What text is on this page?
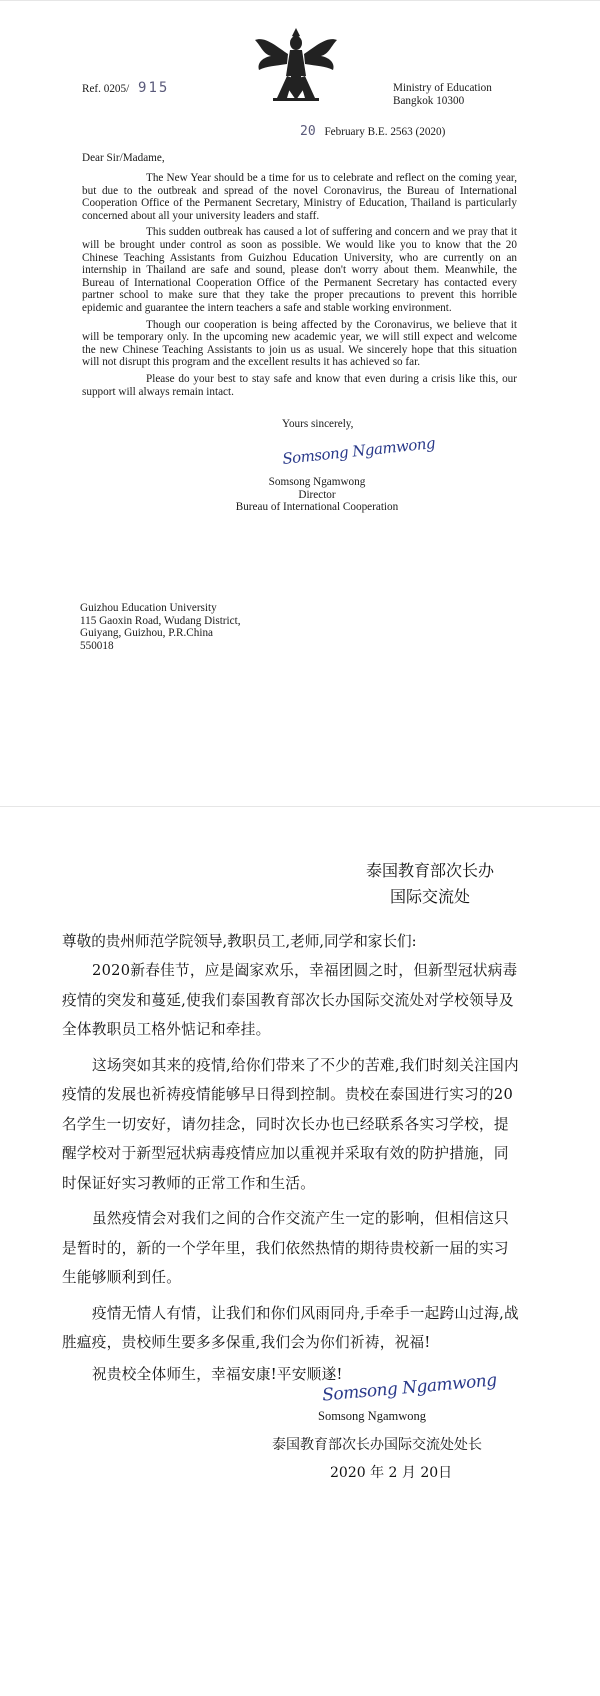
Ref. 0205/ 915	Ministry of Education
Bangkok 10300
20 February B.E. 2563 (2020)
Dear Sir/Madame,

The New Year should be a time for us to celebrate and reflect on the coming year, but due to the outbreak and spread of the novel Coronavirus, the Bureau of International Cooperation Office of the Permanent Secretary, Ministry of Education, Thailand is particularly concerned about all your university leaders and staff.

This sudden outbreak has caused a lot of suffering and concern and we pray that it will be brought under control as soon as possible. We would like you to know that the 20 Chinese Teaching Assistants from Guizhou Education University, who are currently on an internship in Thailand are safe and sound, please don't worry about them. Meanwhile, the Bureau of International Cooperation Office of the Permanent Secretary has contacted every partner school to make sure that they take the proper precautions to prevent this horrible epidemic and guarantee the intern teachers a safe and stable working environment.

Though our cooperation is being affected by the Coronavirus, we believe that it will be temporary only. In the upcoming new academic year, we will still expect and welcome the new Chinese Teaching Assistants to join us as usual. We sincerely hope that this situation will not disrupt this program and the excellent results it has achieved so far.

Please do your best to stay safe and know that even during a crisis like this, our support will always remain intact.

Yours sincerely,
Somsong Ngamwong
Somsong Ngamwong
Director
Bureau of International Cooperation
Guizhou Education University
115 Gaoxin Road, Wudang District,
Guiyang, Guizhou, P.R.China
550018
泰国教育部次长办
国际交流处
尊敬的贵州师范学院领导,教职员工,老师,同学和家长们:

2020新春佳节，应是阖家欢乐，幸福团圆之时，但新型冠状病毒疫情的突发和蔓延,使我们泰国教育部次长办国际交流处对学校领导及全体教职员工格外惦记和牵挂。

这场突如其来的疫情,给你们带来了不少的苦难,我们时刻关注国内疫情的发展也祈祷疫情能够早日得到控制。贵校在泰国进行实习的20名学生一切安好，请勿挂念，同时次长办也已经联系各实习学校，提醒学校对于新型冠状病毒疫情应加以重视并采取有效的防护措施，同时保证好实习教师的正常工作和生活。

虽然疫情会对我们之间的合作交流产生一定的影响，但相信这只是暂时的，新的一个学年里，我们依然热情的期待贵校新一届的实习生能够顺利到任。

疫情无情人有情，让我们和你们风雨同舟,手牵手一起跨山过海,战胜瘟疫，贵校师生要多多保重,我们会为你们祈祷，祝福!

祝贵校全体师生，幸福安康!平安顺遂!

Somsong Ngamwong
Somsong Ngamwong
泰国教育部次长办国际交流处处长
2020 年 2 月 20日
